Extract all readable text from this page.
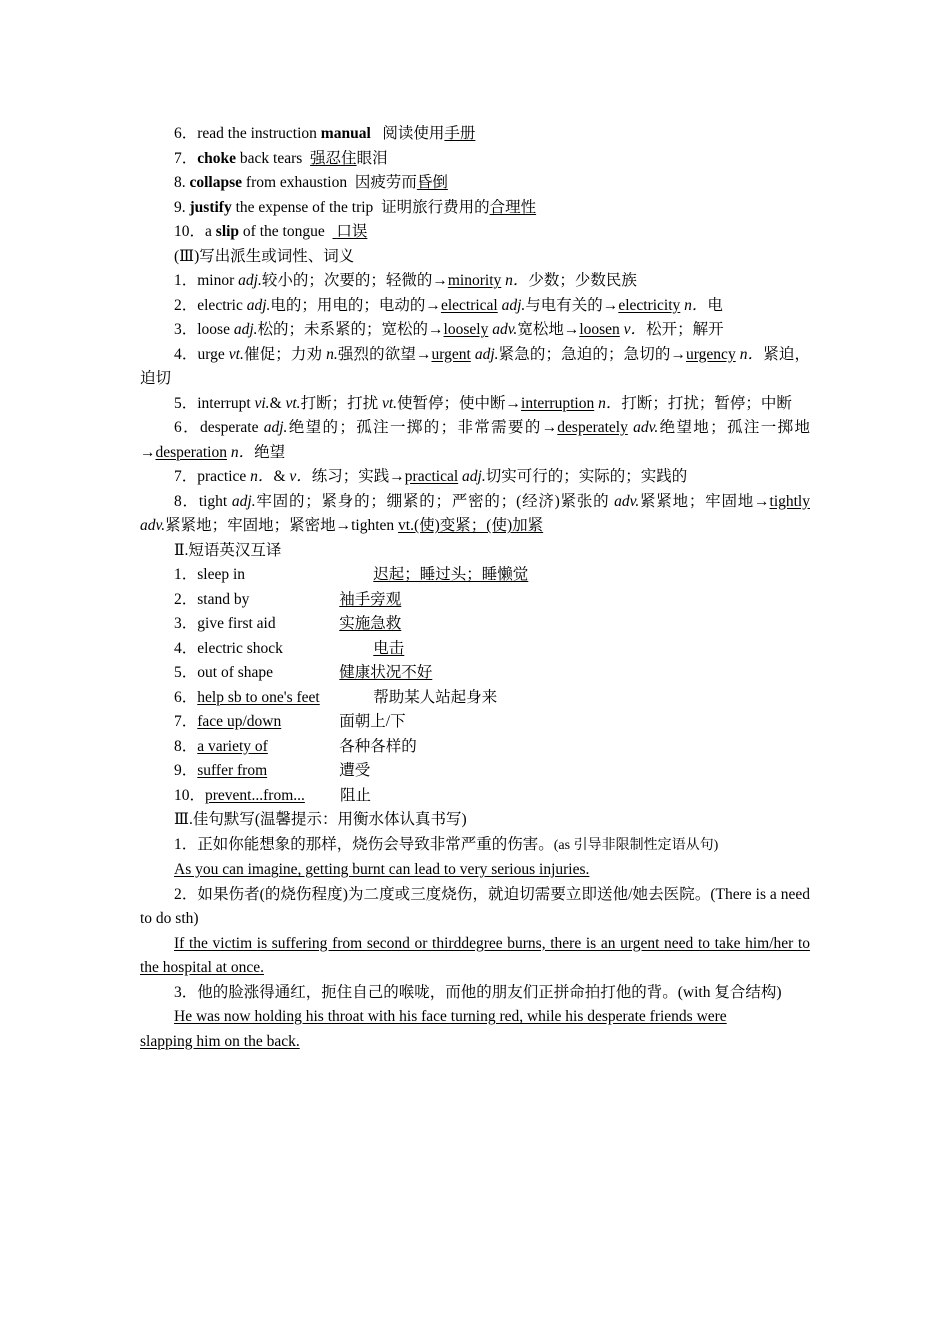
6．read the instruction manual 阅读使用手册
7．choke back tears 强忍住眼泪
8. collapse from exhaustion 因疲劳而昏倒
9. justify the expense of the trip 证明旅行费用的合理性
10．a slip of the tongue 口误
(Ⅲ)写出派生或词性、词义
1．minor adj.较小的；次要的；轻微的→minority n．少数；少数民族
2．electric adj.电的；用电的；电动的→electrical adj.与电有关的→electricity n．电
3．loose adj.松的；未系紧的；宽松的→loosely adv.宽松地→loosen v．松开；解开
4．urge vt.催促；力劝 n.强烈的欲望→urgent adj.紧急的；急迫的；急切的→urgency n．紧迫，迫切
5．interrupt vi.& vt.打断；打扰 vt.使暂停；使中断→interruption n．打断；打扰；暂停；中断
6．desperate adj.绝望的；孤注一掷的；非常需要的→desperately adv.绝望地；孤注一掷地→desperation n．绝望
7．practice n．& v．练习；实践→practical adj.切实可行的；实际的；实践的
8．tight adj.牢固的；紧身的；绷紧的；严密的；(经济)紧张的 adv.紧紧地；牢固地→tightly adv.紧紧地；牢固地；紧密地→tighten vt.(使)变紧；(使)加紧
Ⅱ.短语英汉互译
1．sleep in	迟起；睡过头；睡懒觉
2．stand by	袖手旁观
3．give first aid	实施急救
4．electric shock	电击
5．out of shape	健康状况不好
6．help sb to one's feet	帮助某人站起身来
7．face up/down	面朝上/下
8．a variety of	各种各样的
9．suffer from	遭受
10．prevent...from... 阻止
Ⅲ.佳句默写(温馨提示：用衡水体认真书写)
1．正如你能想象的那样，烧伤会导致非常严重的伤害。(as 引导非限制性定语从句)
As you can imagine, getting burnt can lead to very serious injuries.
2．如果伤者(的烧伤程度)为二度或三度烧伤，就迫切需要立即送他/她去医院。(There is a need to do sth)
If the victim is suffering from second or thirddegree burns, there is an urgent need to take him/her to the hospital at once.
3．他的脸涨得通红，扼住自己的喉咙，而他的朋友们正拼命拍打他的背。(with 复合结构)
He was now holding his throat with his face turning red, while his desperate friends were slapping him on the back.
